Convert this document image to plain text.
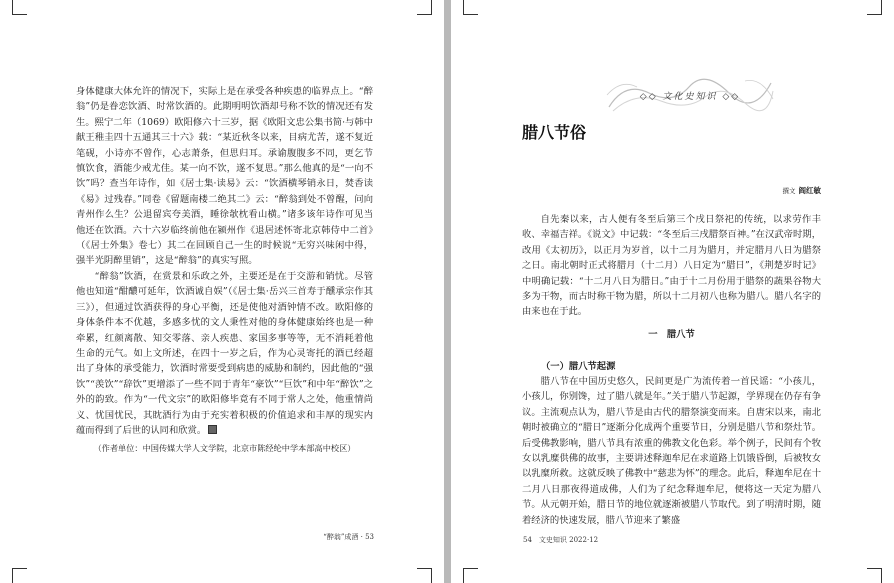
身体健康大体允许的情况下，实际上是在承受各种疾患的临界点上。“醉翁”仍是眷恋饮酒、时常饮酒的。此期明明饮酒却号称不饮的情况还有发生。熙宁二年（1069）欧阳修六十三岁，据《欧阳文忠公集书简·与韩中献王稚圭四十五通其三十六》载：“某近秋冬以来，目病尤苦，遂不复近笔砚，小诗亦不曾作，心志萧条，但思归耳。承谕腹腹多不同，更乞节慎饮食，酒能少戒尤佳。某一向不饮，遂不复思。”那么他真的是“一向不饮”吗？查当年诗作，如《居士集·读易》云：“饮酒横琴销永日，焚香读《易》过残春。”同卷《留题南楼二绝其二》云：“醉翁到处不曾醒，问向青州作么生？公退留宾夸美酒，睡徐欹枕看山横。”诸多该年诗作可见当他还在饮酒。六十六岁临终前他在颍州作《退居述怀寄北京韩侍中二首》（《居士外集》卷七）其二在回顾自己一生的时候说“无穷兴味闲中得，强半光阴醉里销”，这是“醉翁”的真实写照。

“醉翁”饮酒，在赏景和乐政之外，主要还是在于交游和销忧。尽管他也知道“酣醲可延年，饮酒诚自娱”（《居士集·岳兴三首寿于醺承宗作其三》），但通过饮酒获得的身心平衡，还是使他对酒钟情不改。欧阳修的身体条件本不优越，多感多忧的文人秉性对他的身体健康始终也是一种牵累，红颜离散、知交零落、亲人疾患、家国多事等等，无不消耗着他生命的元气。如上文所述，在四十一岁之后，作为心灵寄托的酒已经超出了身体的承受能力，饮酒时常要受到病患的威胁和制约，因此他的“强饮”“羡饮”“辞饮”更增添了一些不同于青年“豪饮”“巨饮”和中年“醉饮”之外的韵致。作为“一代文宗”的欧阳修毕竟有不同于常人之处，他重情尚义、忧国忧民，其眈酒行为由于充实着积极的价值追求和丰厚的现实内蕴而得到了后世的认同和欣赏。

（作者单位：中国传媒大学人文学院，北京市陈经纶中学本部高中校区）

“醉翁”成酒 · 53
◇◇ 文化史知识 ◇◇
腊八节俗
撰文 阎红敏

自先秦以来，古人便有冬至后第三个戌日祭祀的传统，以求劳作丰收、幸福吉祥。《说文》中记载：“冬至后三戌腊祭百神。”在汉武帝时期，改用《太初历》，以正月为岁首，以十二月为腊月，并定腊月八日为腊祭之日。南北朝时正式将腊月（十二月）八日定为“腊日”，《荆楚岁时记》中明确记载：“十二月八日为腊日。”由于十二月份用于腊祭的蔬果谷物大多为干物，而古时称干物为腊，所以十二月初八也称为腊八。腊八名字的由来也在于此。

一　腊八节
（一）腊八节起源

腊八节在中国历史悠久，民间更是广为流传着一首民谣：“小孩儿，小孩儿，你别馋，过了腊八就是年。”关于腊八节起源，学界现在仍存有争议。主流观点认为，腊八节是由古代的腊祭演变而来。自唐宋以来，南北朝时被确立的“腊日”逐渐分化成两个重要节日，分别是腊八节和祭灶节。后受佛教影响，腊八节具有浓重的佛教文化色彩。举个例子，民间有个牧女以乳糜供佛的故事，主要讲述释迦牟尼在求道路上饥饿昏倒，后被牧女以乳糜所救。这就反映了佛教中“慈悲为怀”的理念。此后，释迦牟尼在十二月八日那夜得道成佛，人们为了纪念释迦牟尼，便将这一天定为腊八节。从元朝开始，腊日节的地位就逐渐被腊八节取代。到了明清时期，随着经济的快速发展，腊八节迎来了繁盛

54　文史知识 2022·12
